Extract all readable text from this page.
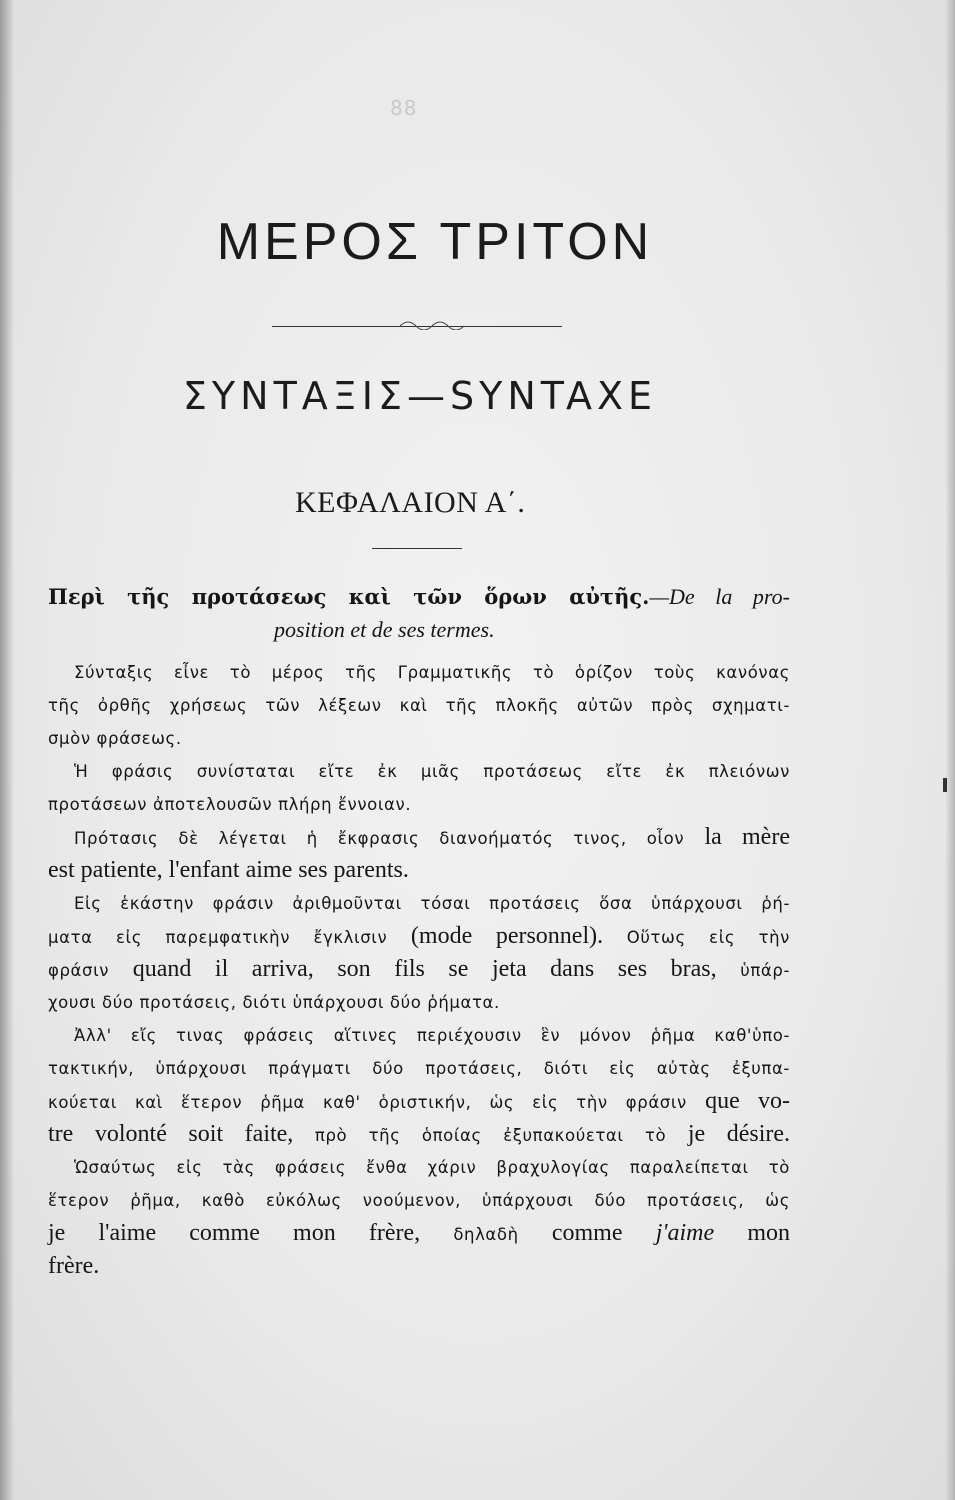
88
ΜΕΡΟΣ ΤΡΙΤΟΝ
ΣΥΝΤΑΞΙΣ—SYNTAXE
ΚΕΦΑΛΑΙΟΝ Α΄.
Περὶ τῆς προτάσεως καὶ τῶν ὅρων αὐτῆς.—De la pro-
position et de ses termes.
Σύνταξις εἶνε τὸ μέρος τῆς Γραμματικῆς τὸ ὁρίζον τοὺς κανόνας
τῆς ὀρθῆς χρήσεως τῶν λέξεων καὶ τῆς πλοκῆς αὐτῶν πρὸς σχηματι-
σμὸν φράσεως.
Ἡ φράσις συνίσταται εἴτε ἐκ μιᾶς προτάσεως εἴτε ἐκ πλειόνων
προτάσεων ἀποτελουσῶν πλήρη ἔννοιαν.
Πρότασις δὲ λέγεται ἡ ἔκφρασις διανοήματός τινος, οἷον la mère
est patiente, l'enfant aime ses parents.
Εἰς ἑκάστην φράσιν ἀριθμοῦνται τόσαι προτάσεις ὅσα ὑπάρχουσι ῥή-
ματα εἰς παρεμφατικὴν ἔγκλισιν (mode personnel). Οὕτως εἰς τὴν
φράσιν quand il arriva, son fils se jeta dans ses bras, ὑπάρ-
χουσι δύο προτάσεις, διότι ὑπάρχουσι δύο ῥήματα.
Ἀλλ' εἴς τινας φράσεις αἵτινες περιέχουσιν ἓν μόνον ῥῆμα καθ'ὑπο-
τακτικήν, ὑπάρχουσι πράγματι δύο προτάσεις, διότι εἰς αὐτὰς ἐξυπα-
κούεται καὶ ἕτερον ῥῆμα καθ' ὁριστικήν, ὡς εἰς τὴν φράσιν que vo-
tre volonté soit faite, πρὸ τῆς ὁποίας ἐξυπακούεται τὸ je désire.
Ὡσαύτως εἰς τὰς φράσεις ἔνθα χάριν βραχυλογίας παραλείπεται τὸ
ἕτερον ῥῆμα, καθὸ εὐκόλως νοούμενον, ὑπάρχουσι δύο προτάσεις, ὡς
je l'aime comme mon frère, δηλαδὴ comme j'aime mon
frère.
